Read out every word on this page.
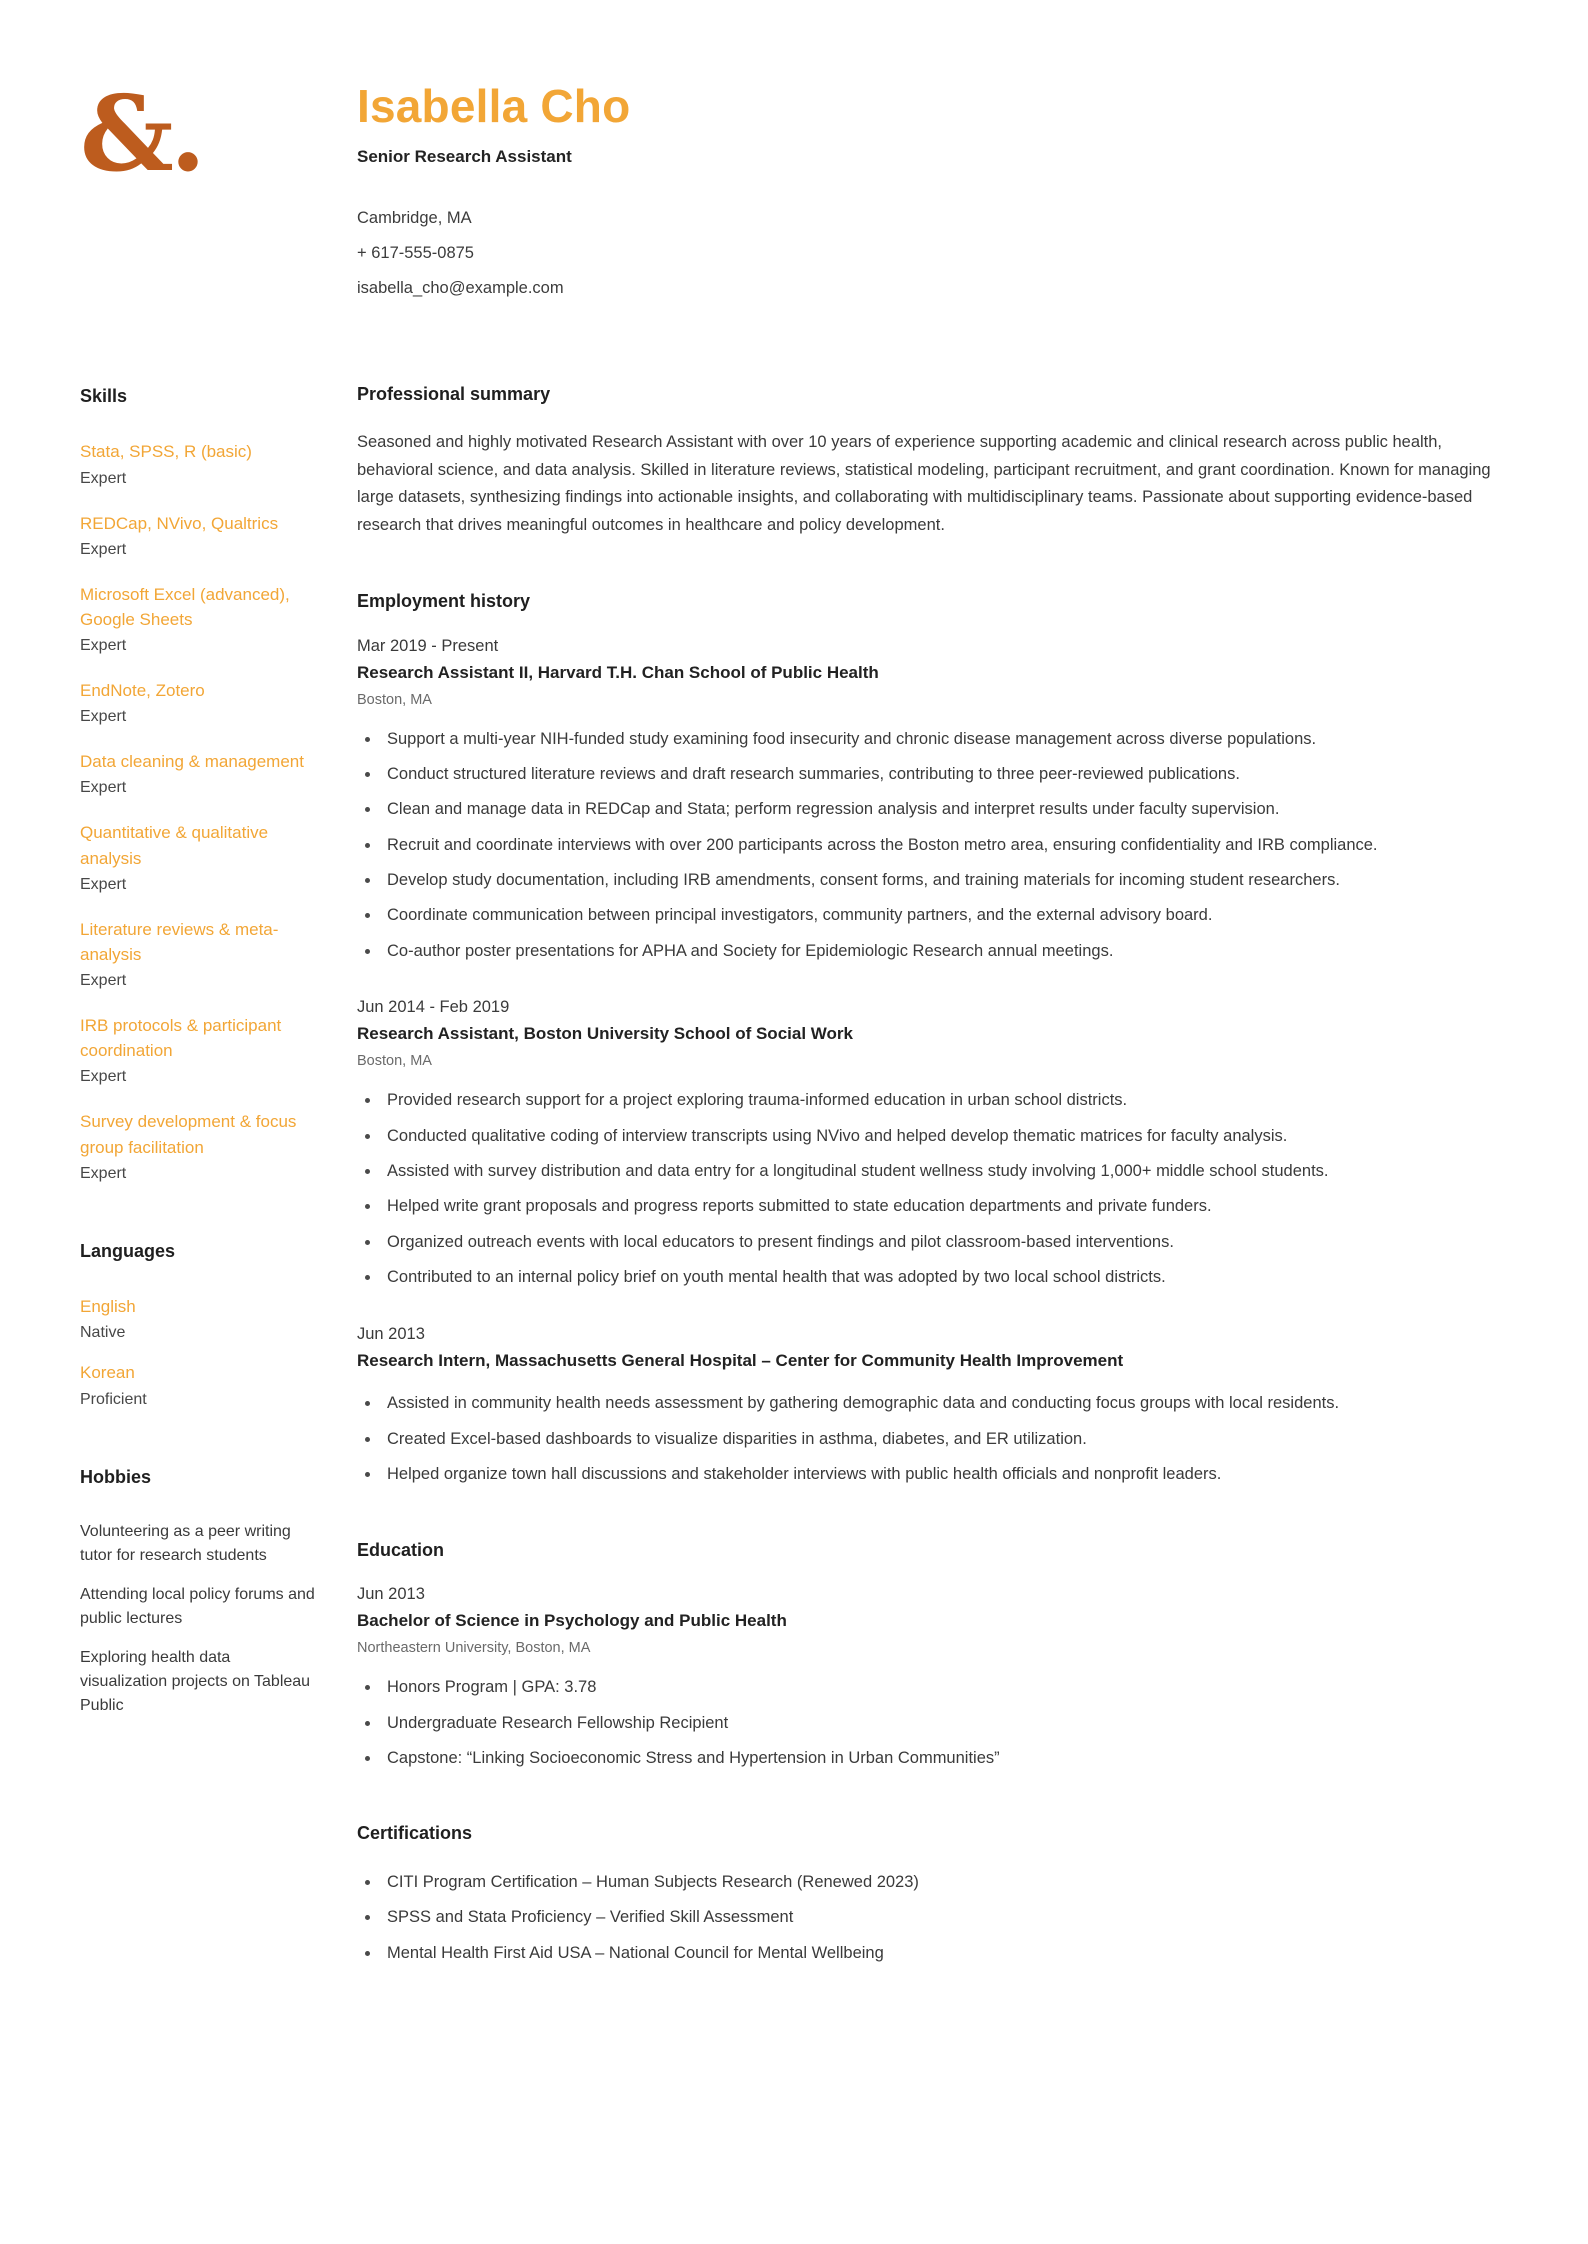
&.	Isabella Cho
Senior Research Assistant
Cambridge, MA
+ 617-555-0875
isabella_cho@example.com
Skills
Stata, SPSS, R (basic)
Expert
REDCap, NVivo, Qualtrics
Expert
Microsoft Excel (advanced), Google Sheets
Expert
EndNote, Zotero
Expert
Data cleaning & management
Expert
Quantitative & qualitative analysis
Expert
Literature reviews & meta-analysis
Expert
IRB protocols & participant coordination
Expert
Survey development & focus group facilitation
Expert
Languages
English
Native
Korean
Proficient
Hobbies

Volunteering as a peer writing tutor for research students

Attending local policy forums and public lectures

Exploring health data visualization projects on Tableau Public

Professional summary

Seasoned and highly motivated Research Assistant with over 10 years of experience supporting academic and clinical research across public health, behavioral science, and data analysis. Skilled in literature reviews, statistical modeling, participant recruitment, and grant coordination. Known for managing large datasets, synthesizing findings into actionable insights, and collaborating with multidisciplinary teams. Passionate about supporting evidence-based research that drives meaningful outcomes in healthcare and policy development.

Employment history
Mar 2019 - Present
Research Assistant II, Harvard T.H. Chan School of Public Health
Boston, MA
Support a multi-year NIH-funded study examining food insecurity and chronic disease management across diverse populations.
Conduct structured literature reviews and draft research summaries, contributing to three peer-reviewed publications.
Clean and manage data in REDCap and Stata; perform regression analysis and interpret results under faculty supervision.
Recruit and coordinate interviews with over 200 participants across the Boston metro area, ensuring confidentiality and IRB compliance.
Develop study documentation, including IRB amendments, consent forms, and training materials for incoming student researchers.
Coordinate communication between principal investigators, community partners, and the external advisory board.
Co-author poster presentations for APHA and Society for Epidemiologic Research annual meetings.
Jun 2014 - Feb 2019
Research Assistant, Boston University School of Social Work
Boston, MA
Provided research support for a project exploring trauma-informed education in urban school districts.
Conducted qualitative coding of interview transcripts using NVivo and helped develop thematic matrices for faculty analysis.
Assisted with survey distribution and data entry for a longitudinal student wellness study involving 1,000+ middle school students.
Helped write grant proposals and progress reports submitted to state education departments and private funders.
Organized outreach events with local educators to present findings and pilot classroom-based interventions.
Contributed to an internal policy brief on youth mental health that was adopted by two local school districts.
Jun 2013
Research Intern, Massachusetts General Hospital – Center for Community Health Improvement
Assisted in community health needs assessment by gathering demographic data and conducting focus groups with local residents.
Created Excel-based dashboards to visualize disparities in asthma, diabetes, and ER utilization.
Helped organize town hall discussions and stakeholder interviews with public health officials and nonprofit leaders.
Education
Jun 2013
Bachelor of Science in Psychology and Public Health
Northeastern University, Boston, MA
Honors Program | GPA: 3.78
Undergraduate Research Fellowship Recipient
Capstone: “Linking Socioeconomic Stress and Hypertension in Urban Communities”
Certifications
CITI Program Certification – Human Subjects Research (Renewed 2023)
SPSS and Stata Proficiency – Verified Skill Assessment
Mental Health First Aid USA – National Council for Mental Wellbeing
